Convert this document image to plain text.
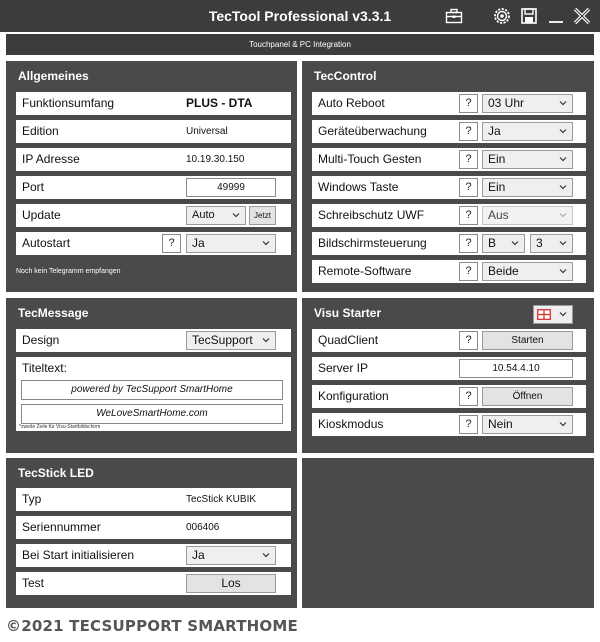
TecTool Professional v3.3.1
Touchpanel & PC Integration
Allgemeines
Funktionsumfang	PLUS - DTA
Edition	Universal
IP Adresse	10.19.30.150
Port	49999
Update	Auto	Jetzt
Autostart	?	Ja
Noch kein Telegramm empfangen
TecControl
Auto Reboot	?	03 Uhr
Geräteüberwachung	?	Ja
Multi-Touch Gesten	?	Ein
Windows Taste	?	Ein
Schreibschutz UWF	?	Aus
Bildschirmsteuerung	?	B	3
Remote-Software	?	Beide
TecMessage
Design	TecSupport
Titeltext:
powered by TecSupport SmartHome
WeLoveSmartHome.com
*zweite Zeile für Visu-Startbildschirm
Visu Starter
QuadClient	?	Starten
Server IP	10.54.4.10
Konfiguration	?	Öffnen
Kioskmodus	?	Nein
TecStick LED
Typ	TecStick KUBIK
Seriennummer	006406
Bei Start initialisieren	Ja
Test	Los
©2021 TECSUPPORT SMARTHOME
